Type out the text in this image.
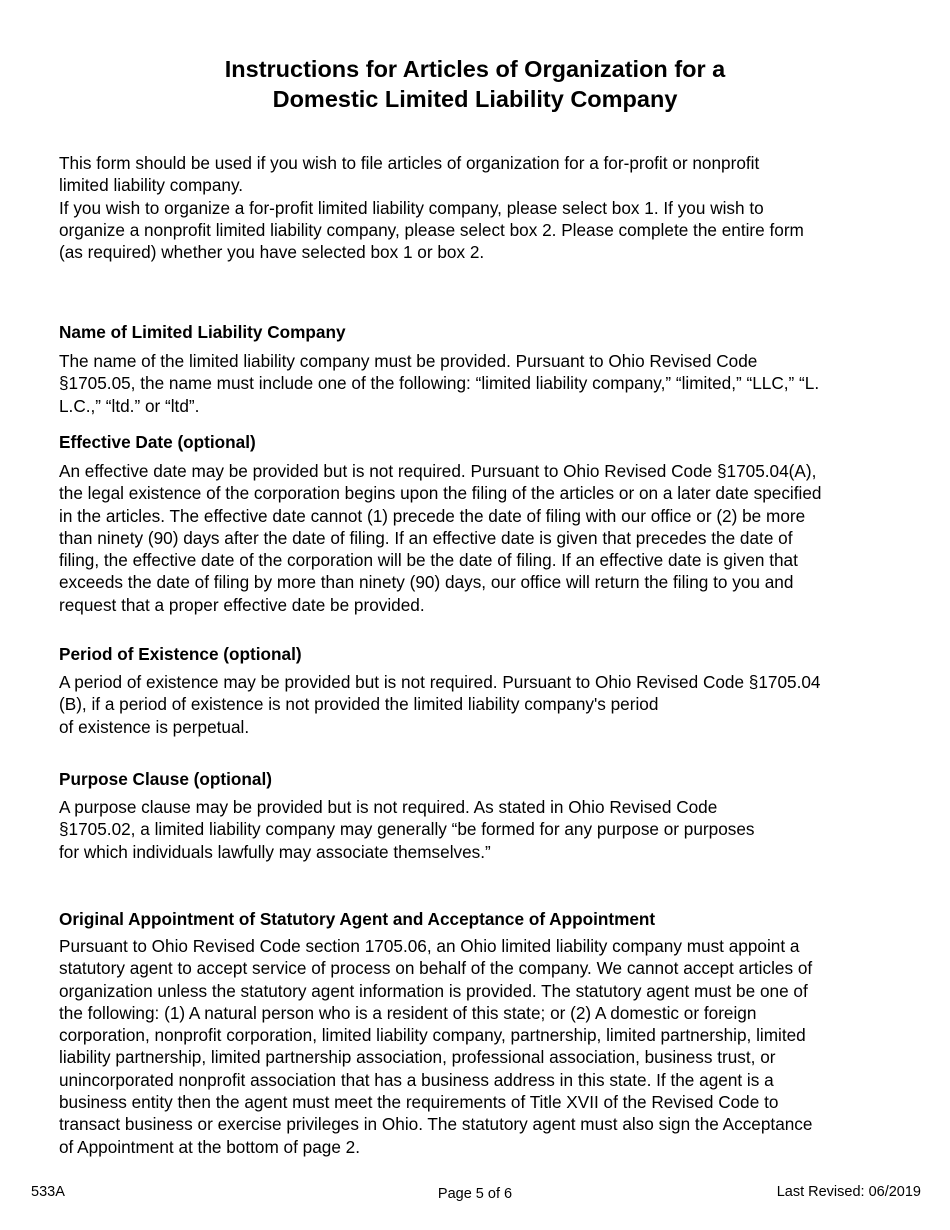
Instructions for Articles of Organization for a
Domestic Limited Liability Company
This form should be used if you wish to file articles of organization for a for-profit or nonprofit
limited liability company.
If you wish to organize a for-profit limited liability company, please select box 1. If you wish to
organize a nonprofit limited liability company, please select box 2. Please complete the entire form
(as required) whether you have selected box 1 or box 2.
Name of Limited Liability Company
The name of the limited liability company must be provided. Pursuant to Ohio Revised Code
§1705.05, the name must include one of the following: “limited liability company,” “limited,” “LLC,” “L.
L.C.,” “ltd.” or “ltd”.
Effective Date (optional)
An effective date may be provided but is not required. Pursuant to Ohio Revised Code §1705.04(A),
the legal existence of the corporation begins upon the filing of the articles or on a later date specified
in the articles. The effective date cannot (1) precede the date of filing with our office or (2) be more
than ninety (90) days after the date of filing. If an effective date is given that precedes the date of
filing, the effective date of the corporation will be the date of filing. If an effective date is given that
exceeds the date of filing by more than ninety (90) days, our office will return the filing to you and
request that a proper effective date be provided.
Period of Existence (optional)
A period of existence may be provided but is not required. Pursuant to Ohio Revised Code §1705.04
(B), if a period of existence is not provided the limited liability company's period
of existence is perpetual.
Purpose Clause (optional)
A purpose clause may be provided but is not required. As stated in Ohio Revised Code
§1705.02, a limited liability company may generally “be formed for any purpose or purposes
for which individuals lawfully may associate themselves.”
Original Appointment of Statutory Agent and Acceptance of Appointment
Pursuant to Ohio Revised Code section 1705.06, an Ohio limited liability company must appoint a
statutory agent to accept service of process on behalf of the company. We cannot accept articles of
organization unless the statutory agent information is provided. The statutory agent must be one of
the following: (1) A natural person who is a resident of this state; or (2) A domestic or foreign
corporation, nonprofit corporation, limited liability company, partnership, limited partnership, limited
liability partnership, limited partnership association, professional association, business trust, or
unincorporated nonprofit association that has a business address in this state. If the agent is a
business entity then the agent must meet the requirements of Title XVII of the Revised Code to
transact business or exercise privileges in Ohio. The statutory agent must also sign the Acceptance
of Appointment at the bottom of page 2.
533A	Page 5 of 6	Last Revised: 06/2019
